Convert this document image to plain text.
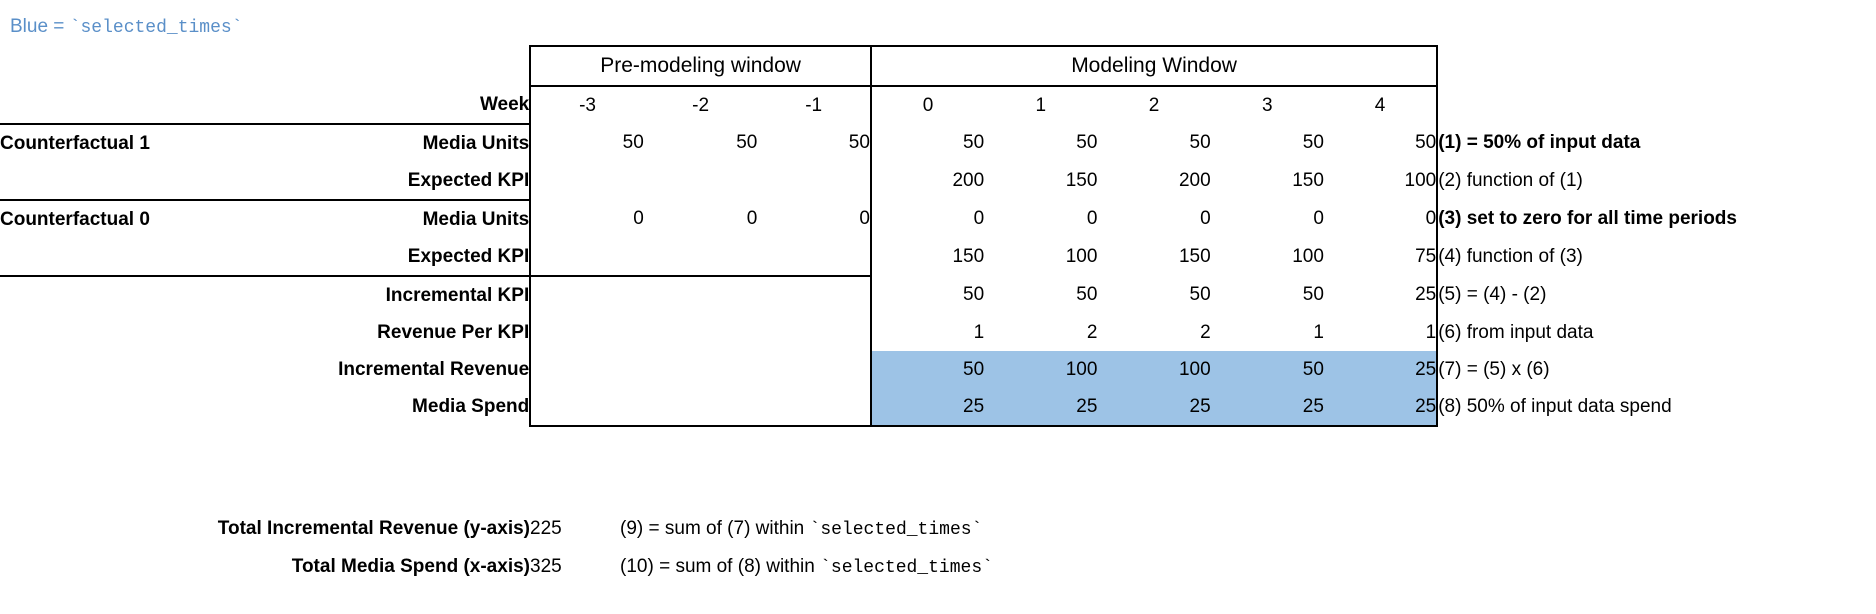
Blue = `selected_times`
		Pre-modeling window			Modeling Window					
	Week	-3	-2	-1	0	1	2	3	4	
Counterfactual 1	Media Units	50	50	50	50	50	50	50	50	(1) = 50% of input data
	Expected KPI				200	150	200	150	100	(2) function of (1)
Counterfactual 0	Media Units	0	0	0	0	0	0	0	0	(3) set to zero for all time periods
	Expected KPI				150	100	150	100	75	(4) function of (3)
	Incremental KPI				50	50	50	50	25	(5) = (4) - (2)
	Revenue Per KPI				1	2	2	1	1	(6) from input data
	Incremental Revenue				50	100	100	50	25	(7) = (5) x (6)
	Media Spend				25	25	25	25	25	(8) 50% of input data spend
Total Incremental Revenue (y-axis)	225	(9) = sum of (7) within `selected_times`
Total Media Spend (x-axis)	325	(10) = sum of (8) within `selected_times`
